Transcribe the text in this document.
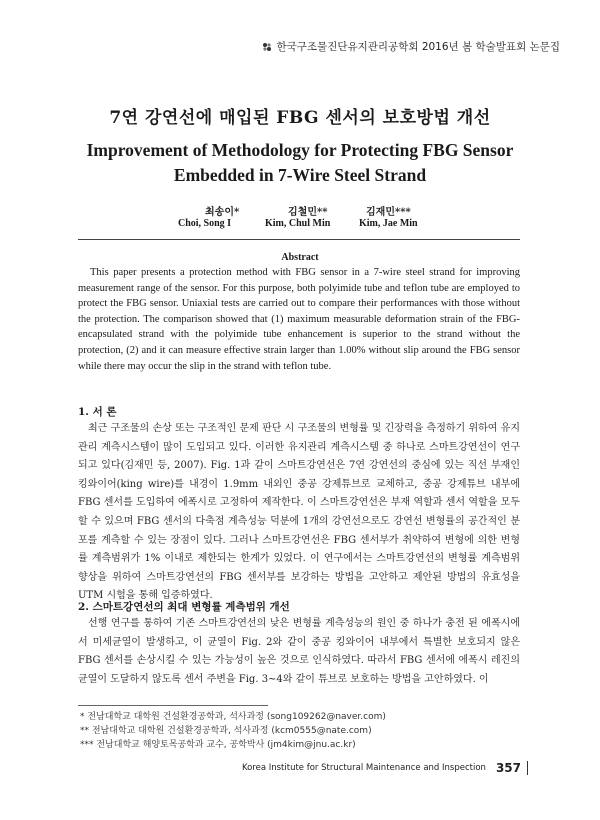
한국구조물진단유지관리공학회 2016년 봄 학술발표회 논문집
7연 강연선에 매입된 FBG 센서의 보호방법 개선
Improvement of Methodology for Protecting FBG Sensor
Embedded in 7-Wire Steel Strand
최송이*	김철민**	김재민***
Choi, Song I	Kim, Chul Min	Kim, Jae Min
Abstract

This paper presents a protection method with FBG sensor in a 7-wire steel strand for improving measurement range of the sensor. For this purpose, both polyimide tube and teflon tube are employed to protect the FBG sensor. Uniaxial tests are carried out to compare their performances with those without the protection. The comparison showed that (1) maximum measurable deformation strain of the FBG-encapsulated strand with the polyimide tube enhancement is superior to the strand without the protection, (2) and it can measure effective strain larger than 1.00% without slip around the FBG sensor while there may occur the slip in the strand with teflon tube.

1. 서 론

최근 구조물의 손상 또는 구조적인 문제 판단 시 구조물의 변형률 및 긴장력을 측정하기 위하여 유지관리 계측시스템이 많이 도입되고 있다. 이러한 유지관리 계측시스템 중 하나로 스마트강연선이 연구되고 있다(김재민 등, 2007). Fig. 1과 같이 스마트강연선은 7연 강연선의 중심에 있는 직선 부재인 킹와이어(king wire)를 내경이 1.9mm 내외인 중공 강제튜브로 교체하고, 중공 강제튜브 내부에 FBG 센서를 도입하여 에폭시로 고정하여 제작한다. 이 스마트강연선은 부재 역할과 센서 역할을 모두 할 수 있으며 FBG 센서의 다축점 계측성능 덕분에 1개의 강연선으로도 강연선 변형률의 공간적인 분포를 계측할 수 있는 장점이 있다. 그러나 스마트강연선은 FBG 센서부가 취약하여 변형에 의한 변형률 계측범위가 1% 이내로 제한되는 한계가 있었다. 이 연구에서는 스마트강연선의 변형률 계측범위 향상을 위하여 스마트강연선의 FBG 센서부를 보강하는 방법을 고안하고 제안된 방법의 유효성을 UTM 시험을 통해 입증하였다.

2. 스마트강연선의 최대 변형률 계측범위 개선

선행 연구를 통하여 기존 스마트강연선의 낮은 변형률 계측성능의 원인 중 하나가 충전 된 에폭시에서 미세균열이 발생하고, 이 균열이 Fig. 2와 같이 중공 킹와이어 내부에서 특별한 보호되지 않은 FBG 센서를 손상시킬 수 있는 가능성이 높은 것으로 인식하였다. 따라서 FBG 센서에 에폭시 레진의 균열이 도달하지 않도록 센서 주변을 Fig. 3∼4와 같이 튜브로 보호하는 방법을 고안하였다. 이

* 전남대학교 대학원 건설환경공학과, 석사과정 (song109262@naver.com)
** 전남대학교 대학원 건설환경공학과, 석사과정 (kcm0555@nate.com)
*** 전남대학교 해양토목공학과 교수, 공학박사 (jm4kim@jnu.ac.kr)
Korea Institute for Structural Maintenance and Inspection 357
